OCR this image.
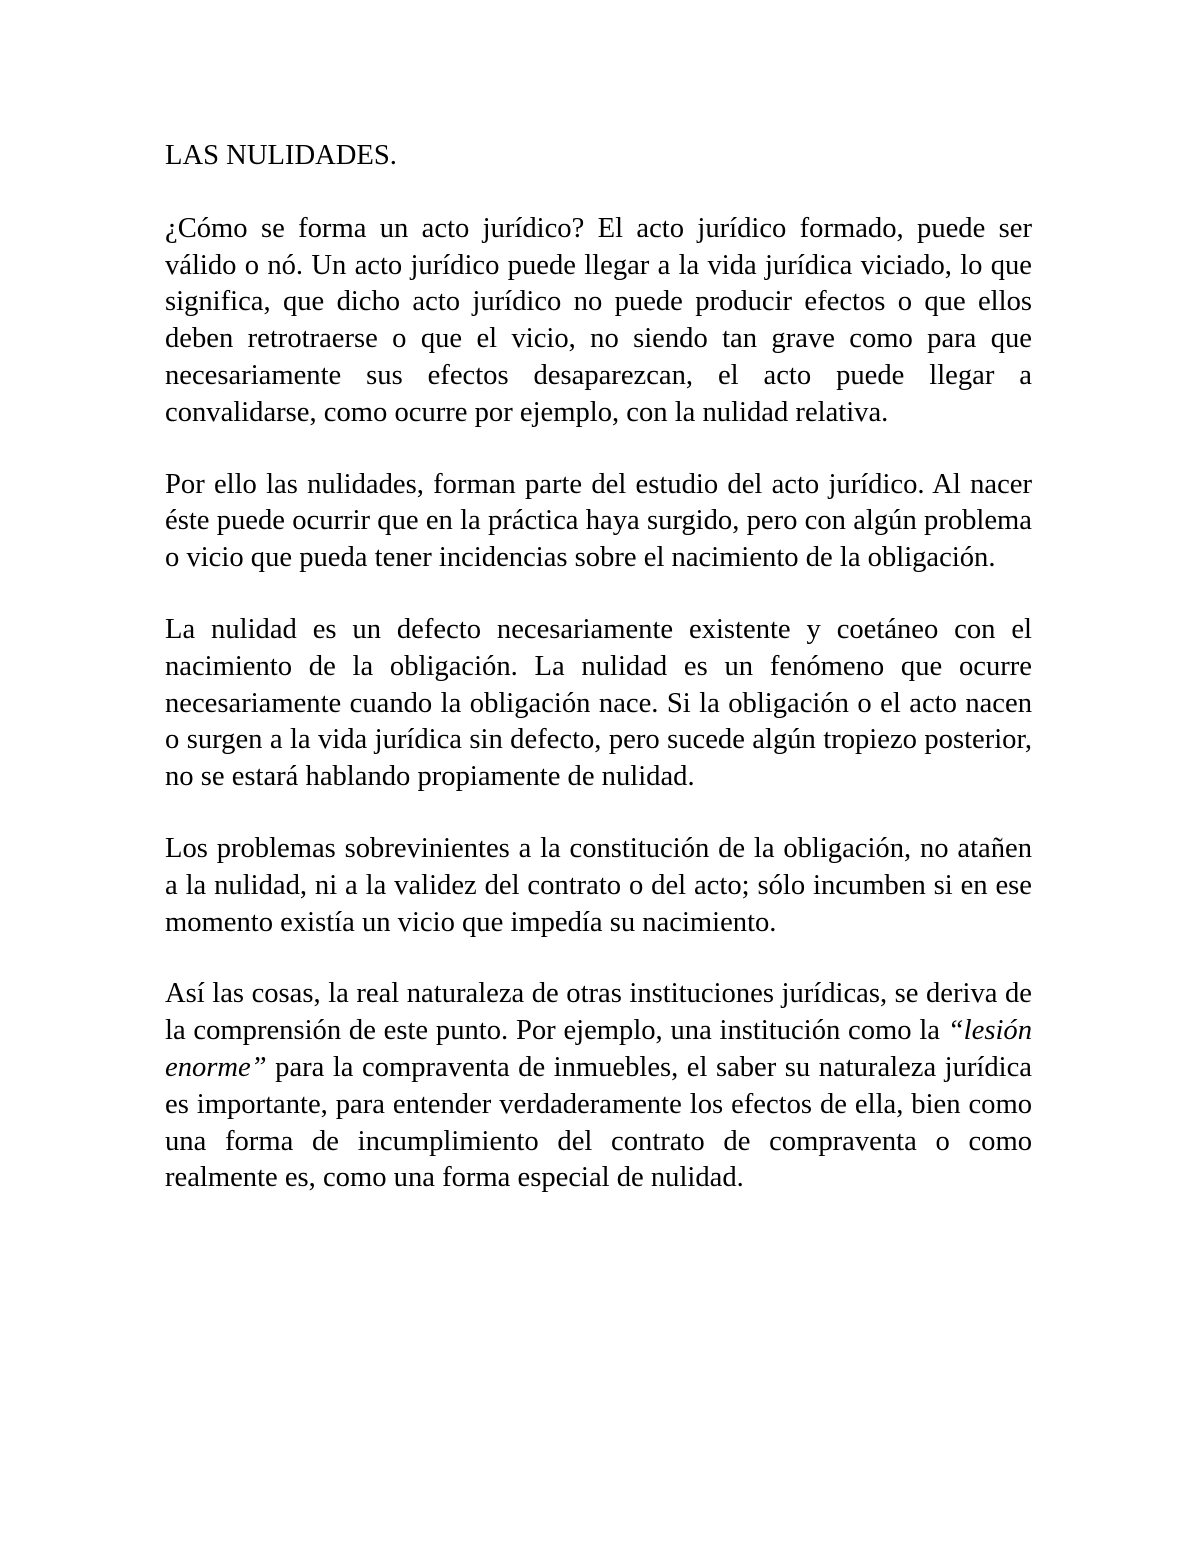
LAS NULIDADES.

¿Cómo se forma un acto jurídico? El acto jurídico formado, puede ser válido o nó. Un acto jurídico puede llegar a la vida jurídica viciado, lo que significa, que dicho acto jurídico no puede producir efectos o que ellos deben retrotraerse o que el vicio, no siendo tan grave como para que necesariamente sus efectos desaparezcan, el acto puede llegar a convalidarse, como ocurre por ejemplo, con la nulidad relativa.

Por ello las nulidades, forman parte del estudio del acto jurídico. Al nacer éste puede ocurrir que en la práctica haya surgido, pero con algún problema o vicio que pueda tener incidencias sobre el nacimiento de la obligación.

La nulidad es un defecto necesariamente existente y coetáneo con el nacimiento de la obligación. La nulidad es un fenómeno que ocurre necesariamente cuando la obligación nace. Si la obligación o el acto nacen o surgen a la vida jurídica sin defecto, pero sucede algún tropiezo posterior, no se estará hablando propiamente de nulidad.

Los problemas sobrevinientes a la constitución de la obligación, no atañen a la nulidad, ni a la validez del contrato o del acto; sólo incumben si en ese momento existía un vicio que impedía su nacimiento.

Así las cosas, la real naturaleza de otras instituciones jurídicas, se deriva de la comprensión de este punto. Por ejemplo, una institución como la “lesión enorme” para la compraventa de inmuebles, el saber su naturaleza jurídica es importante, para entender verdaderamente los efectos de ella, bien como una forma de incumplimiento del contrato de compraventa o como realmente es, como una forma especial de nulidad.
